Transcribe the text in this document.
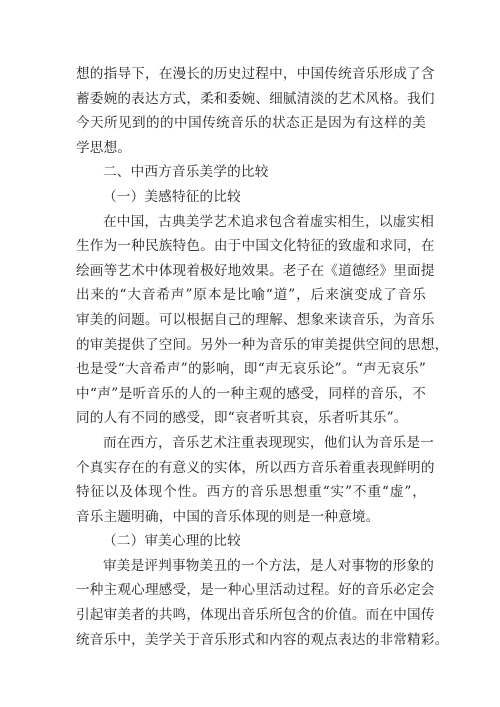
想的指导下，在漫长的历史过程中，中国传统音乐形成了含
蓄委婉的表达方式，柔和委婉、细腻清淡的艺术风格。我们
今天所见到的的中国传统音乐的状态正是因为有这样的美
学思想。
二、中西方音乐美学的比较
（一）美感特征的比较
在中国，古典美学艺术追求包含着虚实相生，以虚实相
生作为一种民族特色。由于中国文化特征的致虚和求同，在
绘画等艺术中体现着极好地效果。老子在《道德经》里面提
出来的“大音希声”原本是比喻“道”，后来演变成了音乐
审美的问题。可以根据自己的理解、想象来读音乐，为音乐
的审美提供了空间。另外一种为音乐的审美提供空间的思想，
也是受“大音希声”的影响，即“声无哀乐论”。“声无哀乐”
中“声”是听音乐的人的一种主观的感受，同样的音乐，不
同的人有不同的感受，即“哀者听其哀，乐者听其乐”。
而在西方，音乐艺术注重表现现实，他们认为音乐是一
个真实存在的有意义的实体，所以西方音乐着重表现鲜明的
特征以及体现个性。西方的音乐思想重“实”不重“虚”，
音乐主题明确，中国的音乐体现的则是一种意境。
（二）审美心理的比较
审美是评判事物美丑的一个方法，是人对事物的形象的
一种主观心理感受，是一种心里活动过程。好的音乐必定会
引起审美者的共鸣，体现出音乐所包含的价值。而在中国传
统音乐中，美学关于音乐形式和内容的观点表达的非常精彩。
